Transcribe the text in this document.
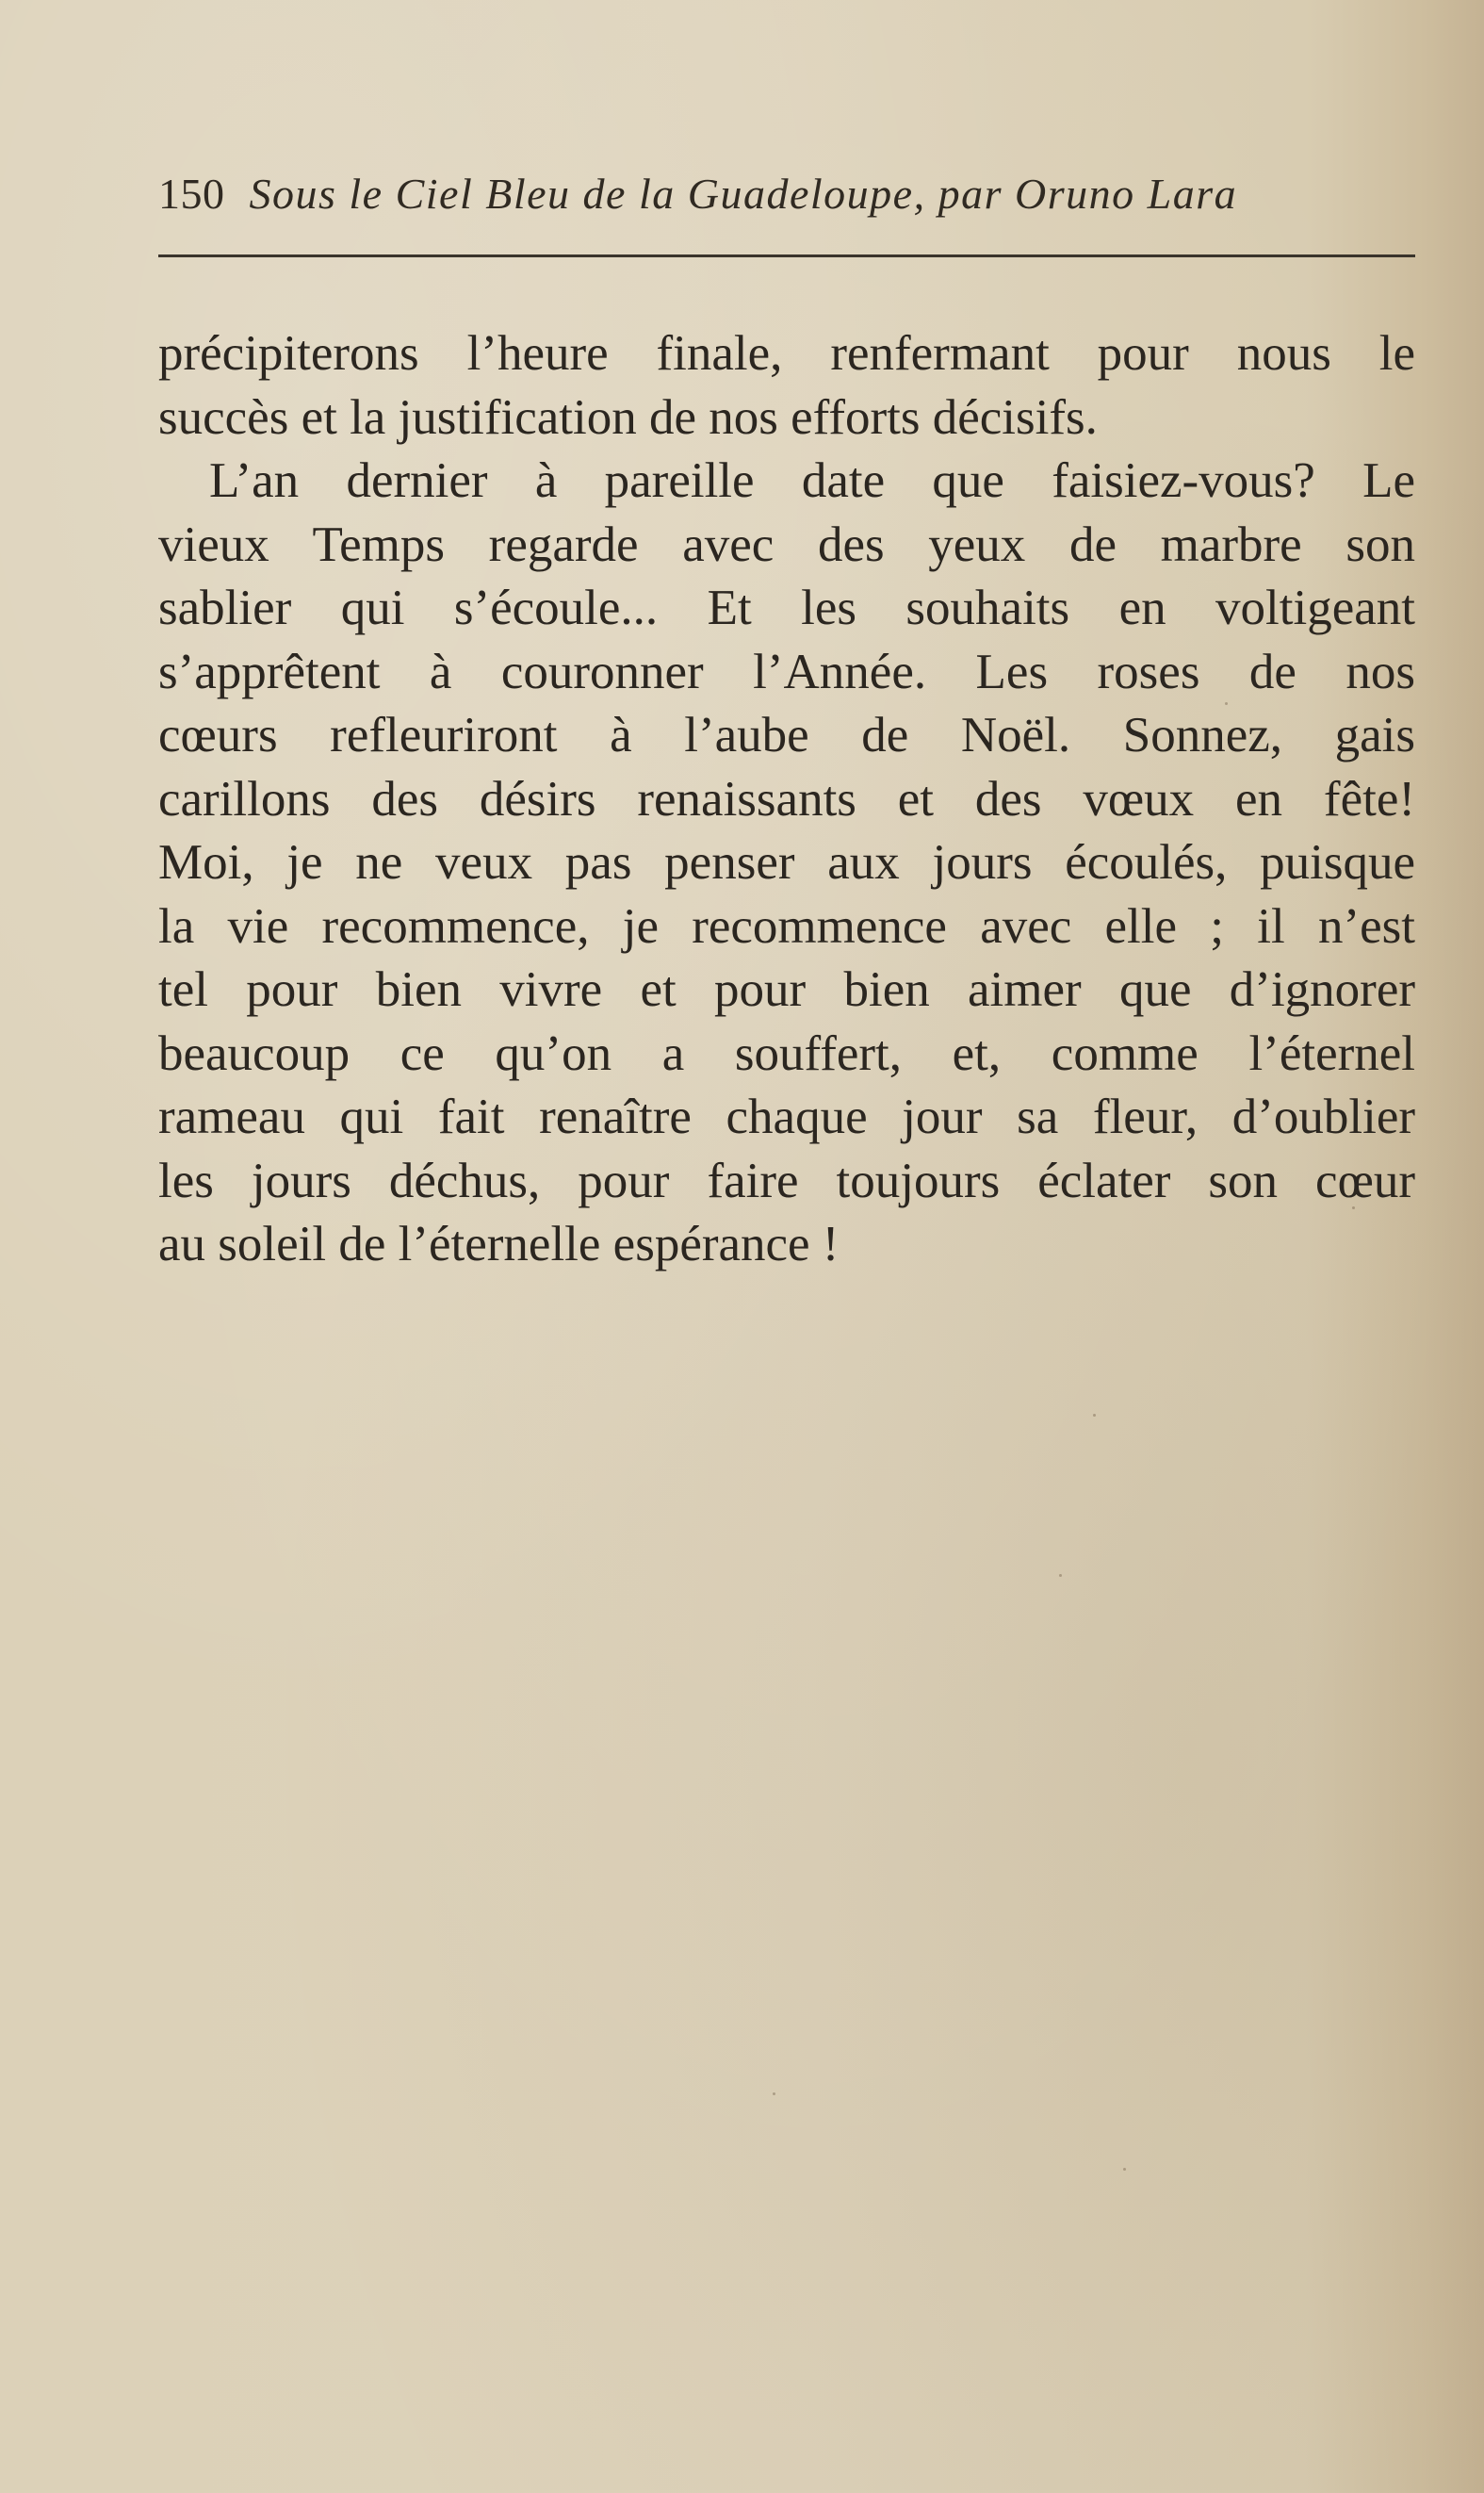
150 Sous le Ciel Bleu de la Guadeloupe, par Oruno Lara
précipiterons l’heure finale, renfermant pour nous le
succès et la justification de nos efforts décisifs.
L’an dernier à pareille date que faisiez-vous? Le
vieux Temps regarde avec des yeux de marbre son
sablier qui s’écoule... Et les souhaits en voltigeant
s’apprêtent à couronner l’Année. Les roses de nos
cœurs refleuriront à l’aube de Noël. Sonnez, gais
carillons des désirs renaissants et des vœux en fête!
Moi, je ne veux pas penser aux jours écoulés, puisque
la vie recommence, je recommence avec elle ; il n’est
tel pour bien vivre et pour bien aimer que d’ignorer
beaucoup ce qu’on a souffert, et, comme l’éternel
rameau qui fait renaître chaque jour sa fleur, d’oublier
les jours déchus, pour faire toujours éclater son cœur
au soleil de l’éternelle espérance !
